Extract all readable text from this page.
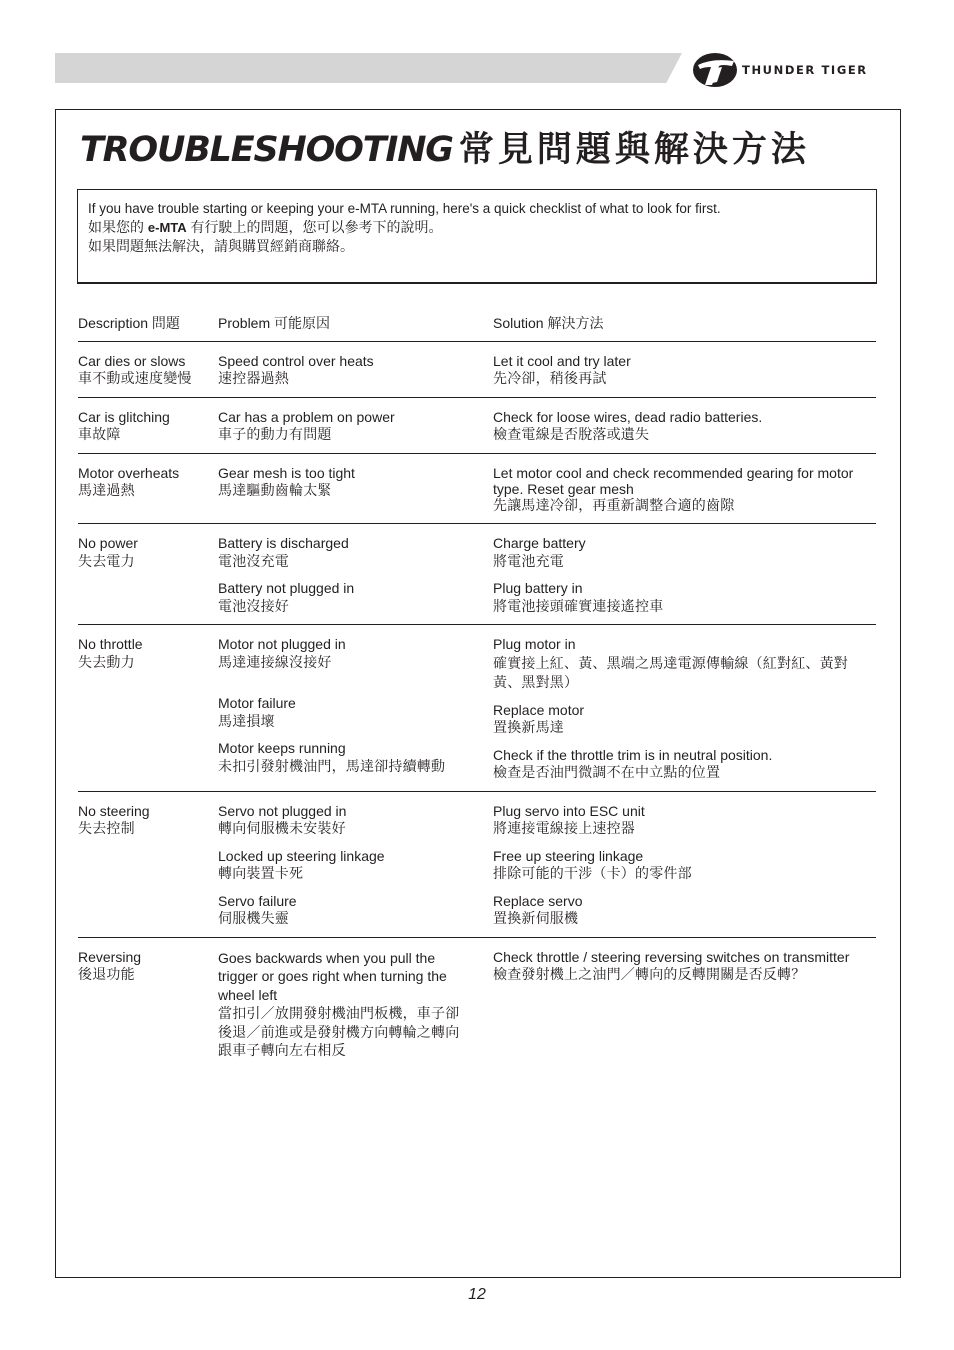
THUNDER TIGER
TROUBLESHOOTING 常見問題與解決方法
If you have trouble starting or keeping your e-MTA running, here's a quick checklist of what to look for first.
如果您的 e-MTA 有行駛上的問題，您可以參考下的說明。
如果問題無法解決，請與購買經銷商聯絡。
Description 問題	Problem 可能原因	Solution 解決方法
Car dies or slows
車不動或速度變慢
Speed control over heats
速控器過熱
Let it cool and try later
先冷卻，稍後再試
Car is glitching
車故障
Car has a problem on power
車子的動力有問題
Check for loose wires, dead radio batteries.
檢查電線是否脫落或遺失
Motor overheats
馬達過熱
Gear mesh is too tight
馬達驅動齒輪太緊
Let motor cool and check recommended gearing for motor type. Reset gear mesh
先讓馬達冷卻，再重新調整合適的齒隙
No power
失去電力
Battery is discharged
電池沒充電
Battery not plugged in
電池沒接好
Charge battery
將電池充電
Plug battery in
將電池接頭確實連接遙控車
No throttle
失去動力
Motor not plugged in
馬達連接線沒接好
Motor failure
馬達損壞
Motor keeps running
未扣引發射機油門，馬達卻持續轉動
Plug motor in
確實接上紅、黃、黑端之馬達電源傳輸線（紅對紅、黃對黃、黑對黑）
Replace motor
置換新馬達
Check if the throttle trim is in neutral position.
檢查是否油門微調不在中立點的位置
No steering
失去控制
Servo not plugged in
轉向伺服機未安裝好
Locked up steering linkage
轉向裝置卡死
Servo failure
伺服機失靈
Plug servo into ESC unit
將連接電線接上速控器
Free up steering linkage
排除可能的干涉（卡）的零件部
Replace servo
置換新伺服機
Reversing
後退功能
Goes backwards when you pull the trigger or goes right when turning the wheel left
當扣引／放開發射機油門板機，車子卻後退／前進或是發射機方向轉輪之轉向跟車子轉向左右相反
Check throttle / steering reversing switches on transmitter
檢查發射機上之油門／轉向的反轉開關是否反轉？
12
